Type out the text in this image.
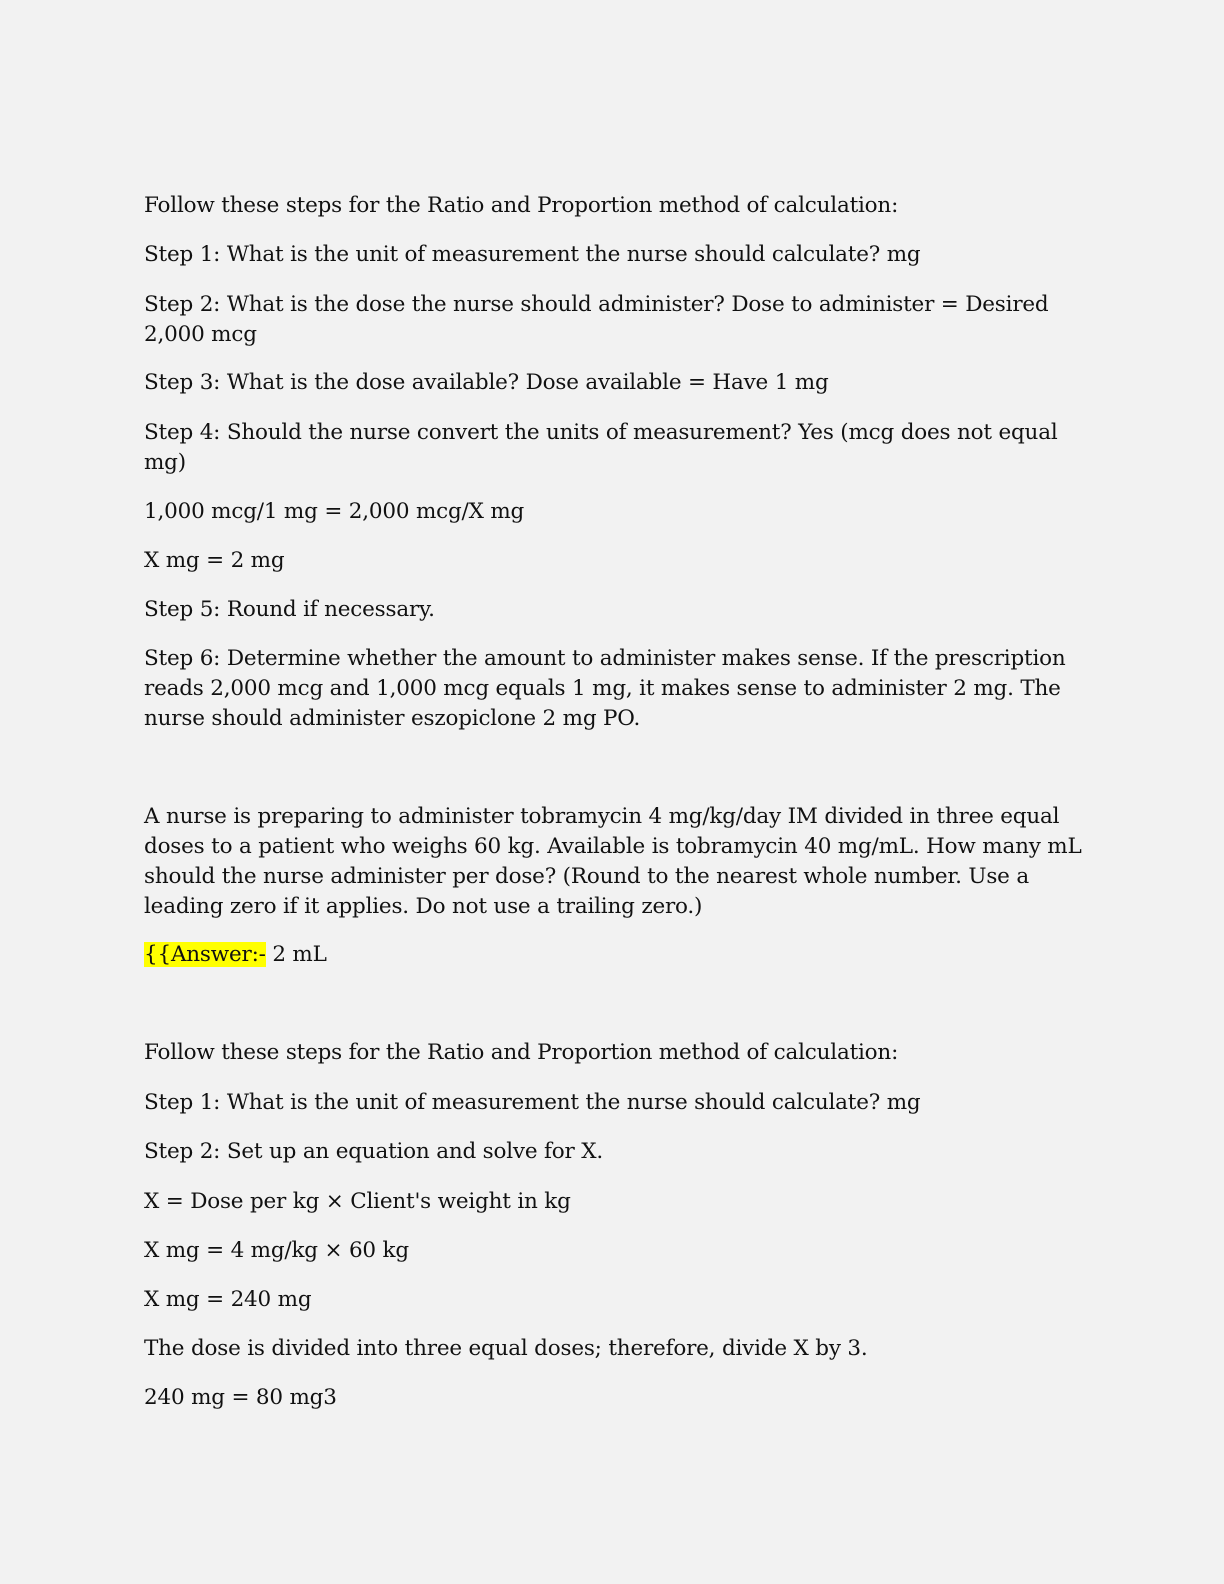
Follow these steps for the Ratio and Proportion method of calculation:

Step 1: What is the unit of measurement the nurse should calculate? mg

Step 2: What is the dose the nurse should administer? Dose to administer = Desired 2,000 mcg

Step 3: What is the dose available? Dose available = Have 1 mg

Step 4: Should the nurse convert the units of measurement? Yes (mcg does not equal mg)

1,000 mcg/1 mg = 2,000 mcg/X mg

X mg = 2 mg

Step 5: Round if necessary.

Step 6: Determine whether the amount to administer makes sense. If the prescription reads 2,000 mcg and 1,000 mcg equals 1 mg, it makes sense to administer 2 mg. The nurse should administer eszopiclone 2 mg PO.

A nurse is preparing to administer tobramycin 4 mg/kg/day IM divided in three equal doses to a patient who weighs 60 kg. Available is tobramycin 40 mg/mL. How many mL should the nurse administer per dose? (Round to the nearest whole number. Use a leading zero if it applies. Do not use a trailing zero.)

{{Answer:- 2 mL

Follow these steps for the Ratio and Proportion method of calculation:

Step 1: What is the unit of measurement the nurse should calculate? mg

Step 2: Set up an equation and solve for X.

X = Dose per kg × Client's weight in kg

X mg = 4 mg/kg × 60 kg

X mg = 240 mg

The dose is divided into three equal doses; therefore, divide X by 3.

240 mg = 80 mg3
